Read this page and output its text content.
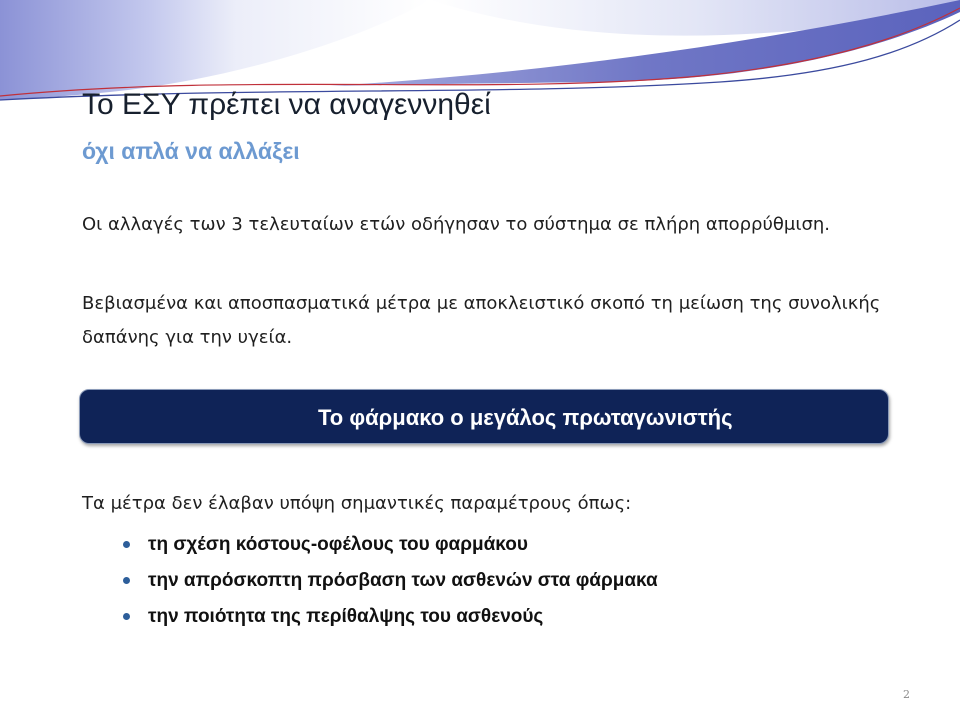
Το ΕΣΥ πρέπει να αναγεννηθεί
όχι απλά να αλλάξει

Οι αλλαγές των 3 τελευταίων ετών οδήγησαν το σύστημα σε πλήρη απορρύθμιση.

Βεβιασμένα και αποσπασματικά μέτρα με αποκλειστικό σκοπό τη μείωση της συνολικής δαπάνης για την υγεία.

Το φάρμακο ο μεγάλος πρωταγωνιστής

Τα μέτρα δεν έλαβαν υπόψη σημαντικές παραμέτρους όπως:

τη σχέση κόστους-οφέλους του φαρμάκου
την απρόσκοπτη πρόσβαση των ασθενών στα φάρμακα
την ποιότητα της περίθαλψης του ασθενούς
2
